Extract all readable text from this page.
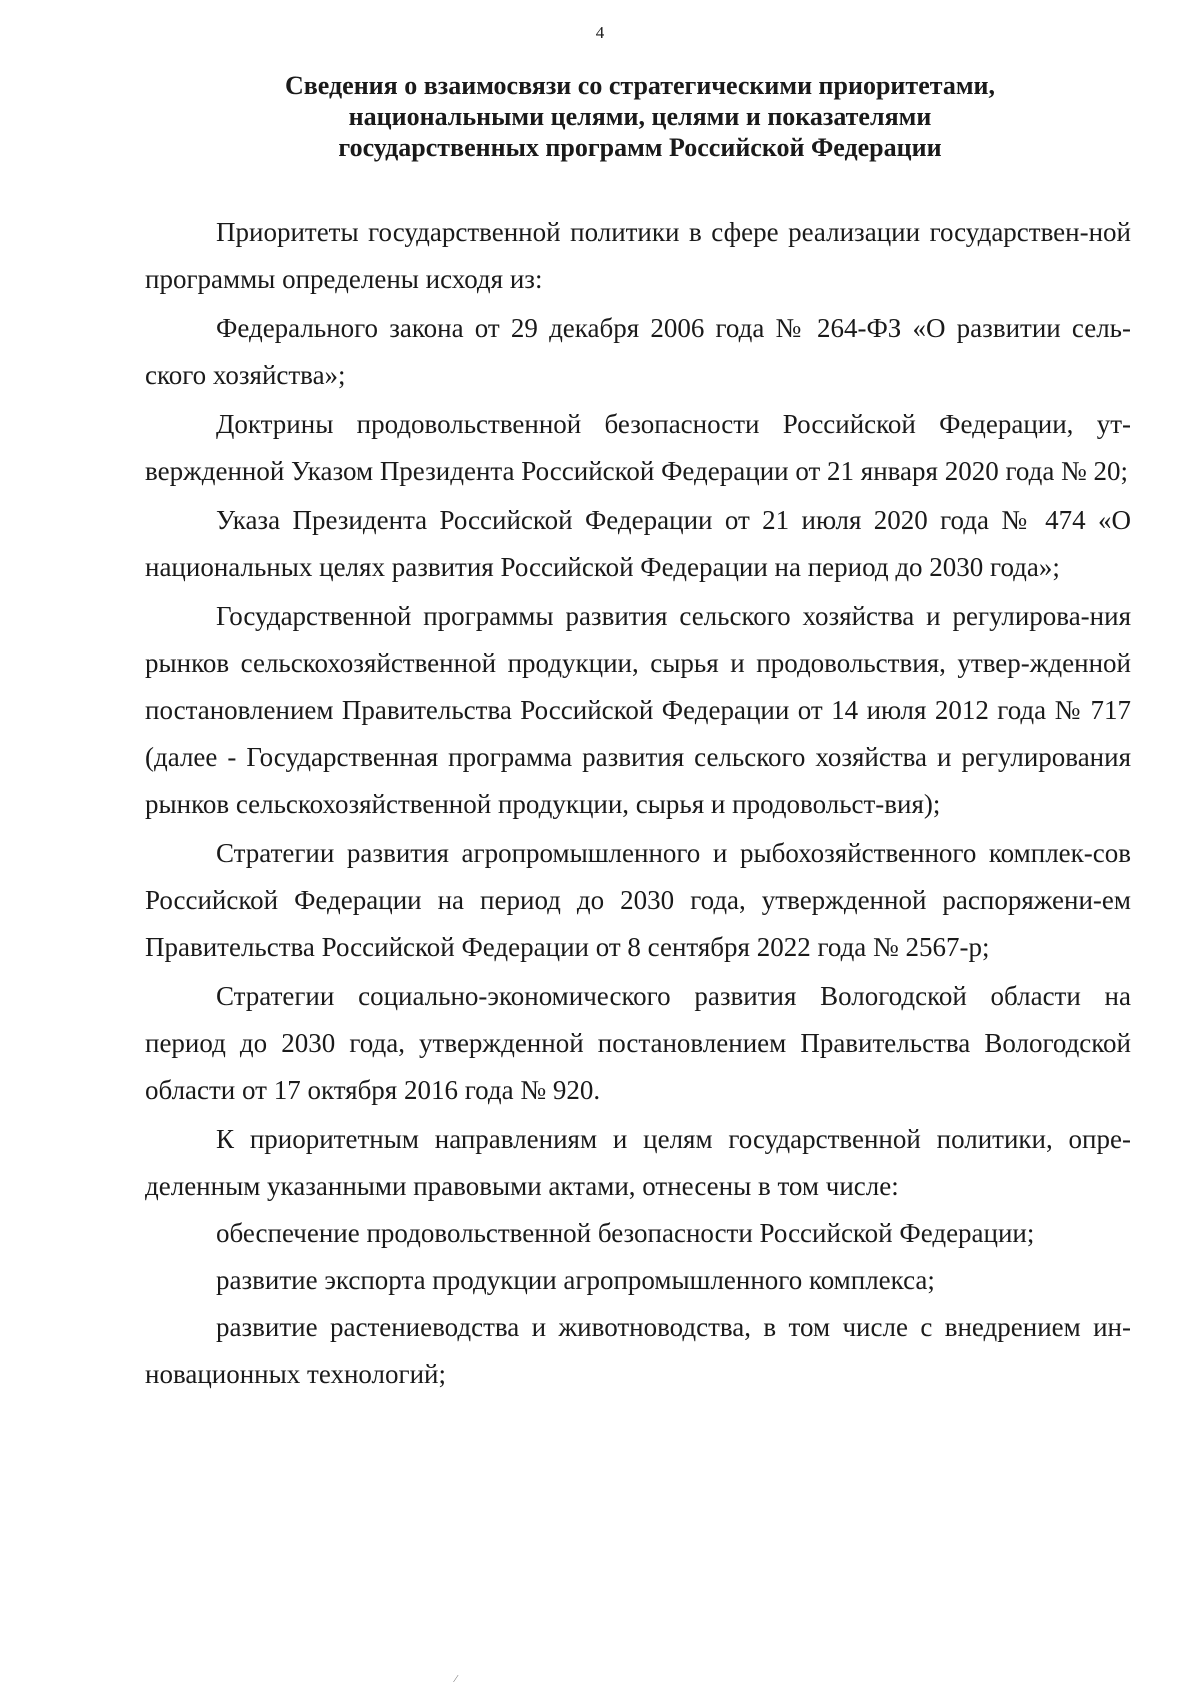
4
Сведения о взаимосвязи со стратегическими приоритетами,
национальными целями, целями и показателями
государственных программ Российской Федерации

Приоритеты государственной политики в сфере реализации государствен-ной программы определены исходя из:

Федерального закона от 29 декабря 2006 года № 264-ФЗ «О развитии сель-ского хозяйства»;

Доктрины продовольственной безопасности Российской Федерации, ут-вержденной Указом Президента Российской Федерации от 21 января 2020 года № 20;

Указа Президента Российской Федерации от 21 июля 2020 года № 474 «О национальных целях развития Российской Федерации на период до 2030 года»;

Государственной программы развития сельского хозяйства и регулирова-ния рынков сельскохозяйственной продукции, сырья и продовольствия, утвер-жденной постановлением Правительства Российской Федерации от 14 июля 2012 года № 717 (далее - Государственная программа развития сельского хозяйства и регулирования рынков сельскохозяйственной продукции, сырья и продовольст-вия);

Стратегии развития агропромышленного и рыбохозяйственного комплек-сов Российской Федерации на период до 2030 года, утвержденной распоряжени-ем Правительства Российской Федерации от 8 сентября 2022 года № 2567-р;

Стратегии социально-экономического развития Вологодской области на период до 2030 года, утвержденной постановлением Правительства Вологодской области от 17 октября 2016 года № 920.

К приоритетным направлениям и целям государственной политики, опре-деленным указанными правовыми актами, отнесены в том числе:

обеспечение продовольственной безопасности Российской Федерации;

развитие экспорта продукции агропромышленного комплекса;

развитие растениеводства и животноводства, в том числе с внедрением ин-новационных технологий;

⁄
